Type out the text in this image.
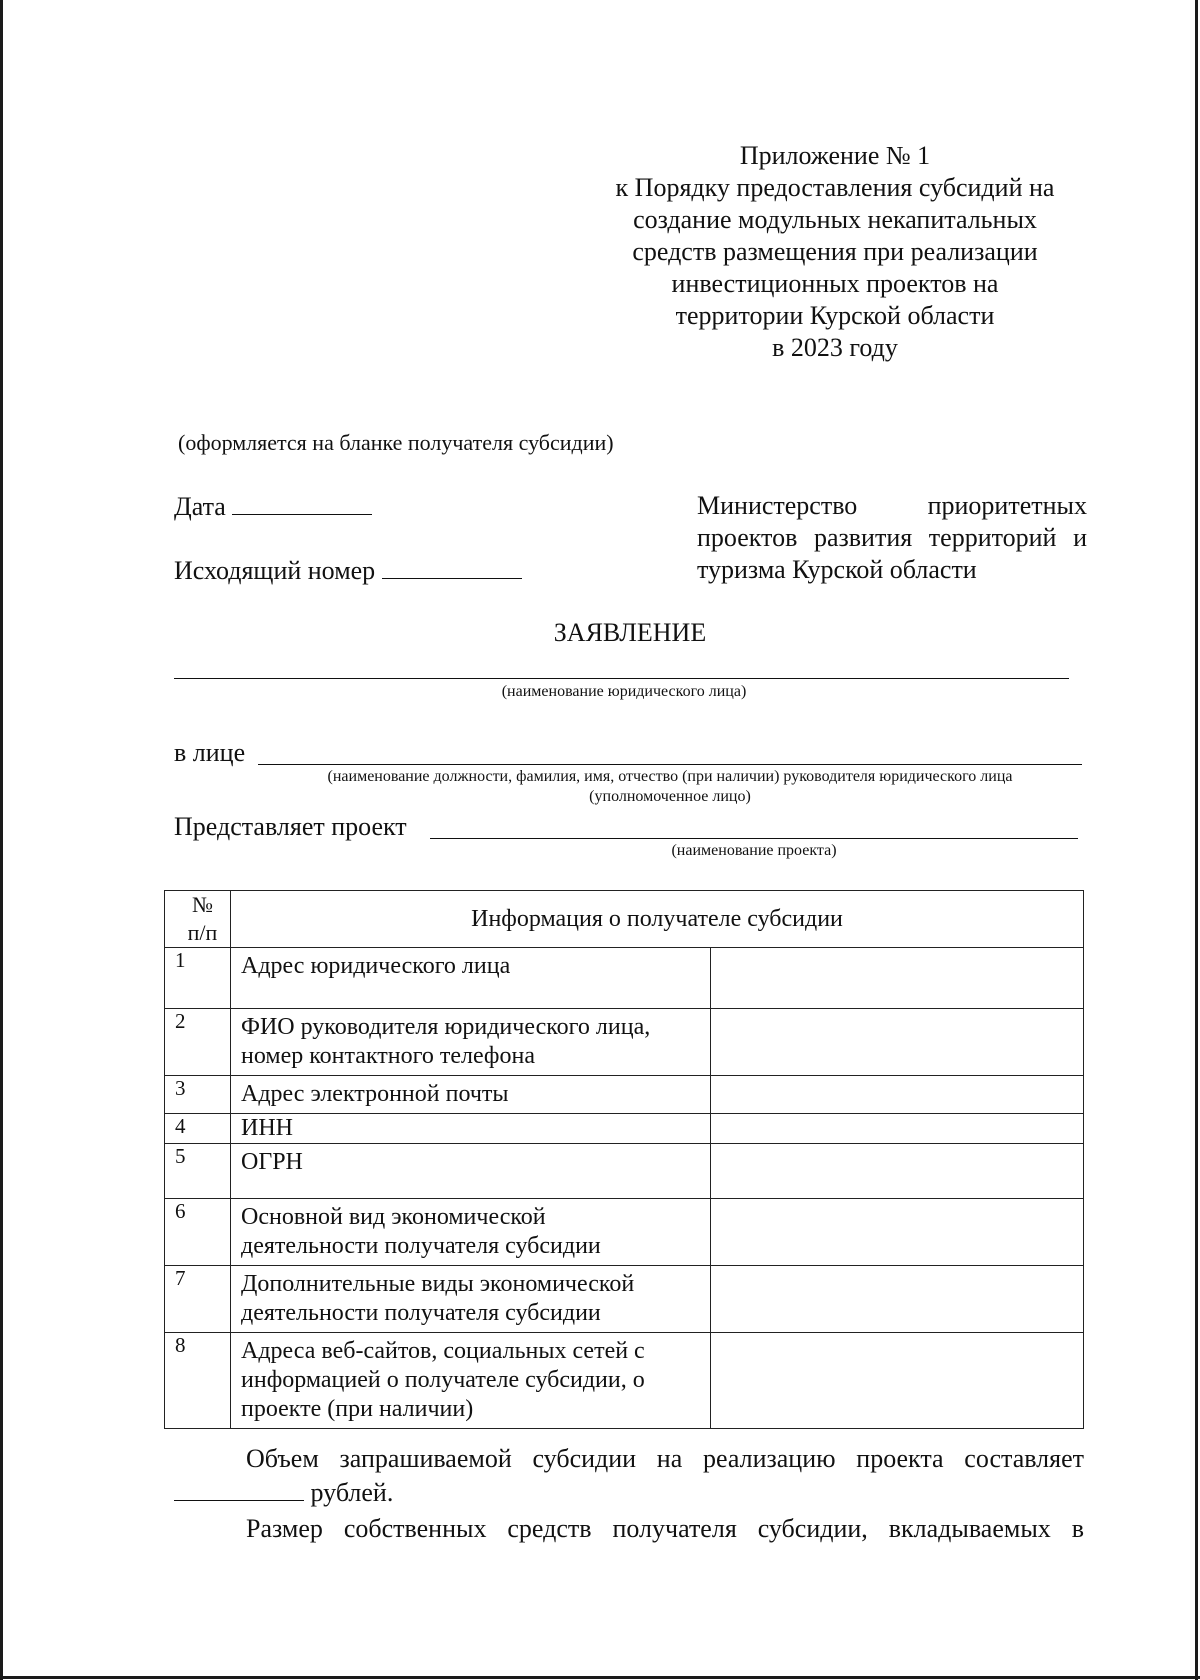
Приложение № 1
к Порядку предоставления субсидий на
создание модульных некапитальных
средств размещения при реализации
инвестиционных проектов на
территории Курской области
в 2023 году
(оформляется на бланке получателя субсидии)
Дата
Исходящий номер
Министерство приоритетных
проектов развития территорий и
туризма Курской области
ЗАЯВЛЕНИЕ
(наименование юридического лица)
в лице
(наименование должности, фамилия, имя, отчество (при наличии) руководителя юридического лица
(уполномоченное лицо)
Представляет проект
(наименование проекта)
№
п/п	Информация о получателе субсидии	
1	Адрес юридического лица	

2	ФИО руководителя юридического лица,
номер контактного телефона	

3	Адрес электронной почты	

4	ИНН	

5	ОГРН	

6	Основной вид экономической
деятельности получателя субсидии	

7	Дополнительные виды экономической
деятельности получателя субсидии	

8	Адреса веб-сайтов, социальных сетей с
информацией о получателе субсидии, о
проекте (при наличии)	

Объем запрашиваемой субсидии на реализацию проекта составляет
рублей.
Размер собственных средств получателя субсидии, вкладываемых в
